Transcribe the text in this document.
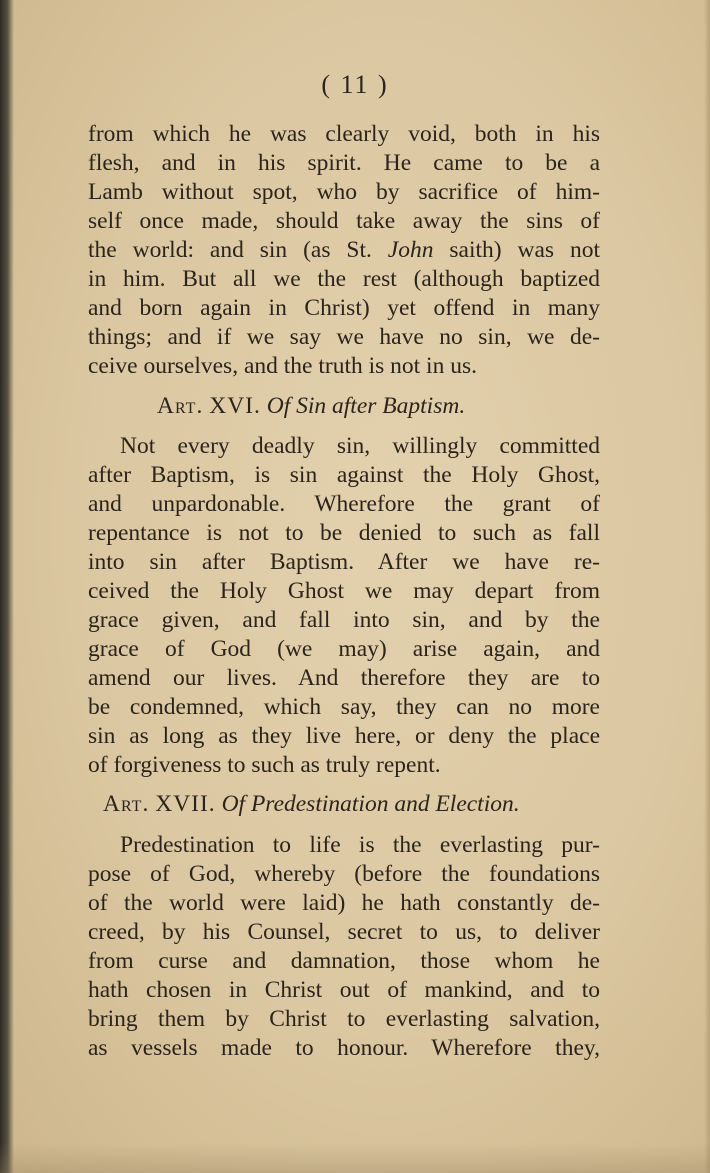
( 11 )
from which he was clearly void, both in his
flesh, and in his spirit. He came to be a
Lamb without spot, who by sacrifice of him-
self once made, should take away the sins of
the world: and sin (as St. John saith) was not
in him. But all we the rest (although baptized
and born again in Christ) yet offend in many
things; and if we say we have no sin, we de-
ceive ourselves, and the truth is not in us.
Art. XVI. Of Sin after Baptism.
Not every deadly sin, willingly committed
after Baptism, is sin against the Holy Ghost,
and unpardonable. Wherefore the grant of
repentance is not to be denied to such as fall
into sin after Baptism. After we have re-
ceived the Holy Ghost we may depart from
grace given, and fall into sin, and by the
grace of God (we may) arise again, and
amend our lives. And therefore they are to
be condemned, which say, they can no more
sin as long as they live here, or deny the place
of forgiveness to such as truly repent.
Art. XVII. Of Predestination and Election.
Predestination to life is the everlasting pur-
pose of God, whereby (before the foundations
of the world were laid) he hath constantly de-
creed, by his Counsel, secret to us, to deliver
from curse and damnation, those whom he
hath chosen in Christ out of mankind, and to
bring them by Christ to everlasting salvation,
as vessels made to honour. Wherefore they,
